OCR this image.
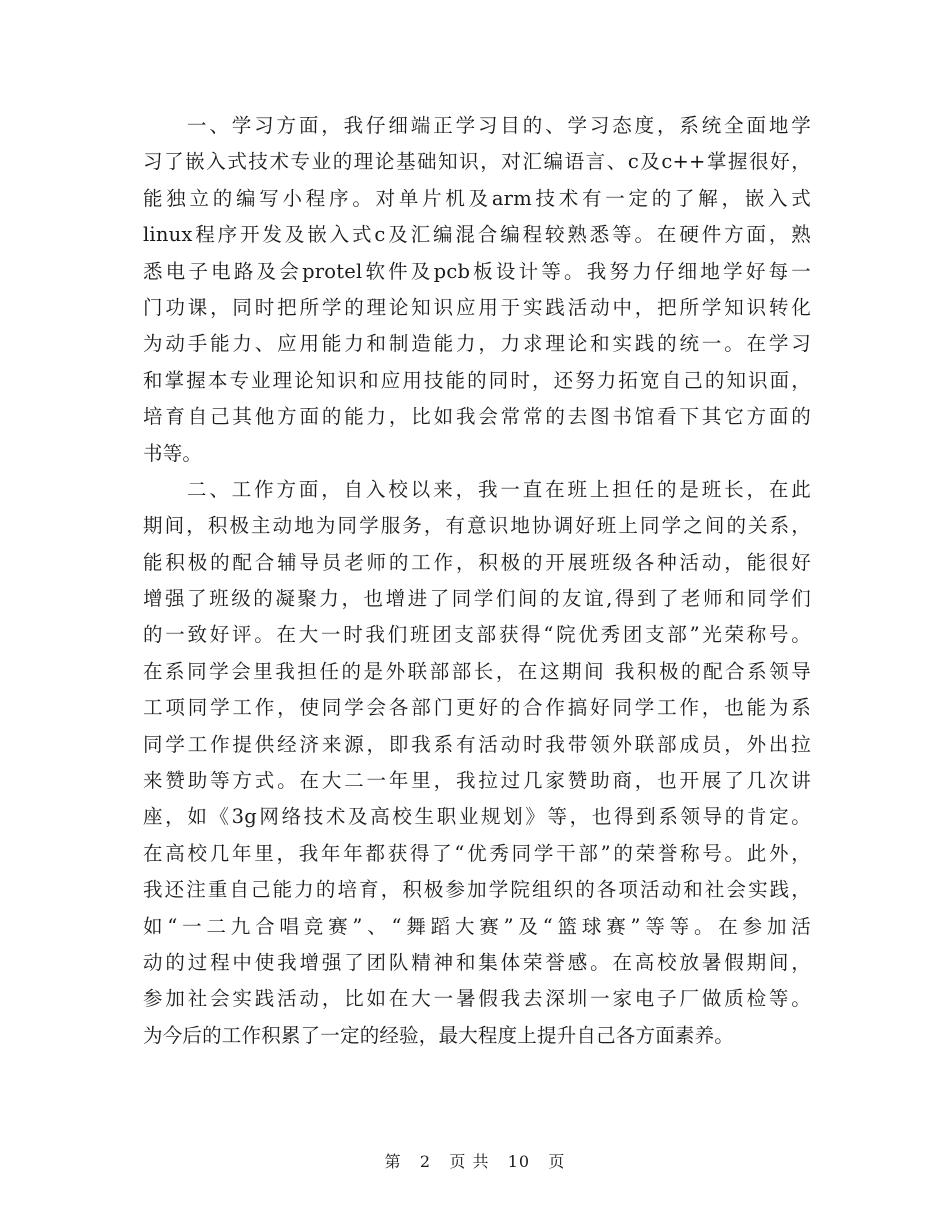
一、学习方面，我仔细端正学习目的、学习态度，系统全面地学
习了嵌入式技术专业的理论基础知识，对汇编语言、c及c++掌握很好，
能独立的编写小程序。对单片机及arm技术有一定的了解，嵌入式
linux程序开发及嵌入式c及汇编混合编程较熟悉等。在硬件方面，熟
悉电子电路及会protel软件及pcb板设计等。我努力仔细地学好每一
门功课，同时把所学的理论知识应用于实践活动中，把所学知识转化
为动手能力、应用能力和制造能力，力求理论和实践的统一。在学习
和掌握本专业理论知识和应用技能的同时，还努力拓宽自己的知识面，
培育自己其他方面的能力，比如我会常常的去图书馆看下其它方面的
书等。
二、工作方面，自入校以来，我一直在班上担任的是班长，在此
期间，积极主动地为同学服务，有意识地协调好班上同学之间的关系，
能积极的配合辅导员老师的工作，积极的开展班级各种活动，能很好
增强了班级的凝聚力，也增进了同学们间的友谊,得到了老师和同学们
的一致好评。在大一时我们班团支部获得“院优秀团支部”光荣称号。
在系同学会里我担任的是外联部部长，在这期间 我积极的配合系领导
工项同学工作，使同学会各部门更好的合作搞好同学工作，也能为系
同学工作提供经济来源，即我系有活动时我带领外联部成员，外出拉
来赞助等方式。在大二一年里，我拉过几家赞助商，也开展了几次讲
座，如《3g网络技术及高校生职业规划》等，也得到系领导的肯定。
在高校几年里，我年年都获得了“优秀同学干部”的荣誉称号。此外，
我还注重自己能力的培育，积极参加学院组织的各项活动和社会实践，
如“一二九合唱竞赛”、“舞蹈大赛”及“篮球赛”等等。在参加活
动的过程中使我增强了团队精神和集体荣誉感。在高校放暑假期间，
参加社会实践活动，比如在大一暑假我去深圳一家电子厂做质检等。
为今后的工作积累了一定的经验，最大程度上提升自己各方面素养。
第 2 页 共 10 页
